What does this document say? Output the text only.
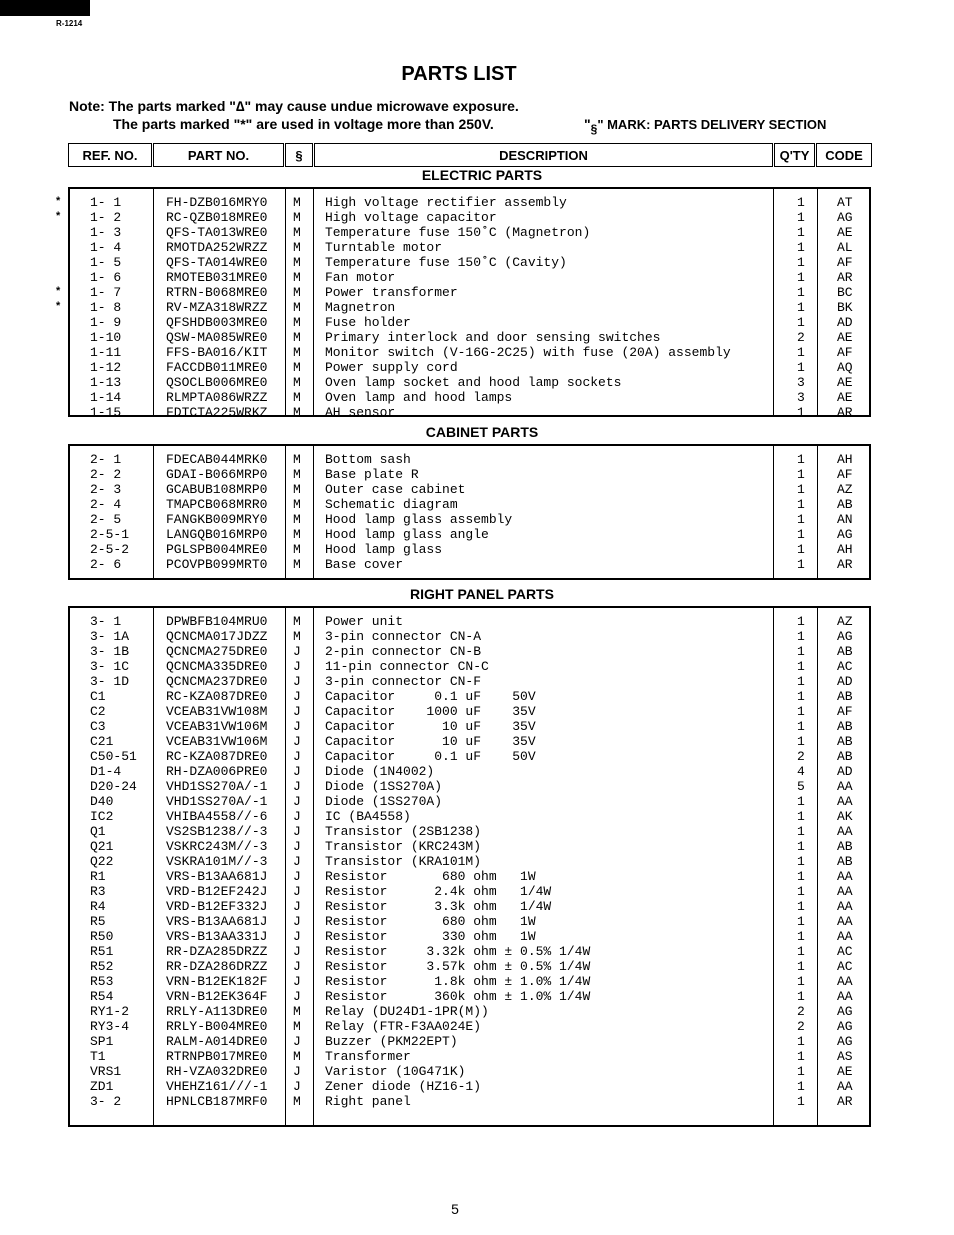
R-1214
PARTS LIST
Note: The parts marked "∆" may cause undue microwave exposure.
The parts marked "*" are used in voltage more than 250V.	"§" MARK: PARTS DELIVERY SECTION
REF. NO.	PART NO.	§	DESCRIPTION	Q'TY	CODE
ELECTRIC PARTS
*
*
*
*
1- 1	FH-DZB016MRY0 M High voltage rectifier assembly	1 AT
1- 2	RC-QZB018MRE0 M High voltage capacitor	1 AG
1- 3	QFS-TA013WRE0 M Temperature fuse 150˚C (Magnetron)	1 AE
1- 4	RMOTDA252WRZZ M Turntable motor	1 AL
1- 5	QFS-TA014WRE0 M Temperature fuse 150˚C (Cavity)	1 AF
1- 6	RMOTEB031MRE0 M Fan motor	1 AR
1- 7	RTRN-B068MRE0 M Power transformer	1 BC
1- 8	RV-MZA318WRZZ M Magnetron	1 BK
1- 9	QFSHDB003MRE0 M Fuse holder	1 AD
1-10	QSW-MA085WRE0 M Primary interlock and door sensing switches	2 AE
1-11	FFS-BA016/KIT M Monitor switch (V-16G-2C25) with fuse (20A) assembly	1 AF
1-12	FACCDB011MRE0 M Power supply cord	1 AQ
1-13	QSOCLB006MRE0 M Oven lamp socket and hood lamp sockets	3 AE
1-14	RLMPTA086WRZZ M Oven lamp and hood lamps	3 AE
1-15	FDTCTA225WRKZ M AH sensor	1 AR
CABINET PARTS
2- 1	FDECAB044MRK0 M Bottom sash	1 AH
2- 2	GDAI-B066MRP0 M Base plate R	1 AF
2- 3	GCABUB108MRP0 M Outer case cabinet	1 AZ
2- 4	TMAPCB068MRR0 M Schematic diagram	1 AB
2- 5	FANGKB009MRY0 M Hood lamp glass assembly	1 AN
2-5-1	LANGQB016MRP0 M Hood lamp glass angle	1 AG
2-5-2	PGLSPB004MRE0 M Hood lamp glass	1 AH
2- 6	PCOVPB099MRT0 M Base cover	1 AR
RIGHT PANEL PARTS
3- 1	DPWBFB104MRU0 M Power unit	1 AZ
3- 1A	QCNCMA017JDZZ M 3-pin connector CN-A	1 AG
3- 1B	QCNCMA275DRE0 J 2-pin connector CN-B	1 AB
3- 1C	QCNCMA335DRE0 J 11-pin connector CN-C	1 AC
3- 1D	QCNCMA237DRE0 J 3-pin connector CN-F	1 AD
C1	RC-KZA087DRE0 J Capacitor     0.1 uF    50V	1 AB
C2	VCEAB31VW108M J Capacitor    1000 uF    35V	1 AF
C3	VCEAB31VW106M J Capacitor      10 uF    35V	1 AB
C21	VCEAB31VW106M J Capacitor      10 uF    35V	1 AB
C50-51 RC-KZA087DRE0 J Capacitor     0.1 uF    50V	2 AB
D1-4	RH-DZA006PRE0 J Diode (1N4002)	4 AD
D20-24 VHD1SS270A/-1 J Diode (1SS270A)	5 AA
D40	VHD1SS270A/-1 J Diode (1SS270A)	1 AA
IC2	VHIBA4558//-6 J IC (BA4558)	1 AK
Q1	VS2SB1238//-3 J Transistor (2SB1238)	1 AA
Q21	VSKRC243M//-3 J Transistor (KRC243M)	1 AB
Q22	VSKRA101M//-3 J Transistor (KRA101M)	1 AB
R1	VRS-B13AA681J J Resistor       680 ohm   1W	1 AA
R3	VRD-B12EF242J J Resistor      2.4k ohm   1/4W	1 AA
R4	VRD-B12EF332J J Resistor      3.3k ohm   1/4W	1 AA
R5	VRS-B13AA681J J Resistor       680 ohm   1W	1 AA
R50	VRS-B13AA331J J Resistor       330 ohm   1W	1 AA
R51	RR-DZA285DRZZ J Resistor     3.32k ohm ± 0.5% 1/4W	1 AC
R52	RR-DZA286DRZZ J Resistor     3.57k ohm ± 0.5% 1/4W	1 AC
R53	VRN-B12EK182F J Resistor      1.8k ohm ± 1.0% 1/4W	1 AA
R54	VRN-B12EK364F J Resistor      360k ohm ± 1.0% 1/4W	1 AA
RY1-2	RRLY-A113DRE0 M Relay (DU24D1-1PR(M))	2 AG
RY3-4	RRLY-B004MRE0 M Relay (FTR-F3AA024E)	2 AG
SP1	RALM-A014DRE0 J Buzzer (PKM22EPT)	1 AG
T1	RTRNPB017MRE0 M Transformer	1 AS
VRS1	RH-VZA032DRE0 J Varistor (10G471K)	1 AE
ZD1	VHEHZ161///-1 J Zener diode (HZ16-1)	1 AA
3- 2	HPNLCB187MRF0 M Right panel	1 AR
5
